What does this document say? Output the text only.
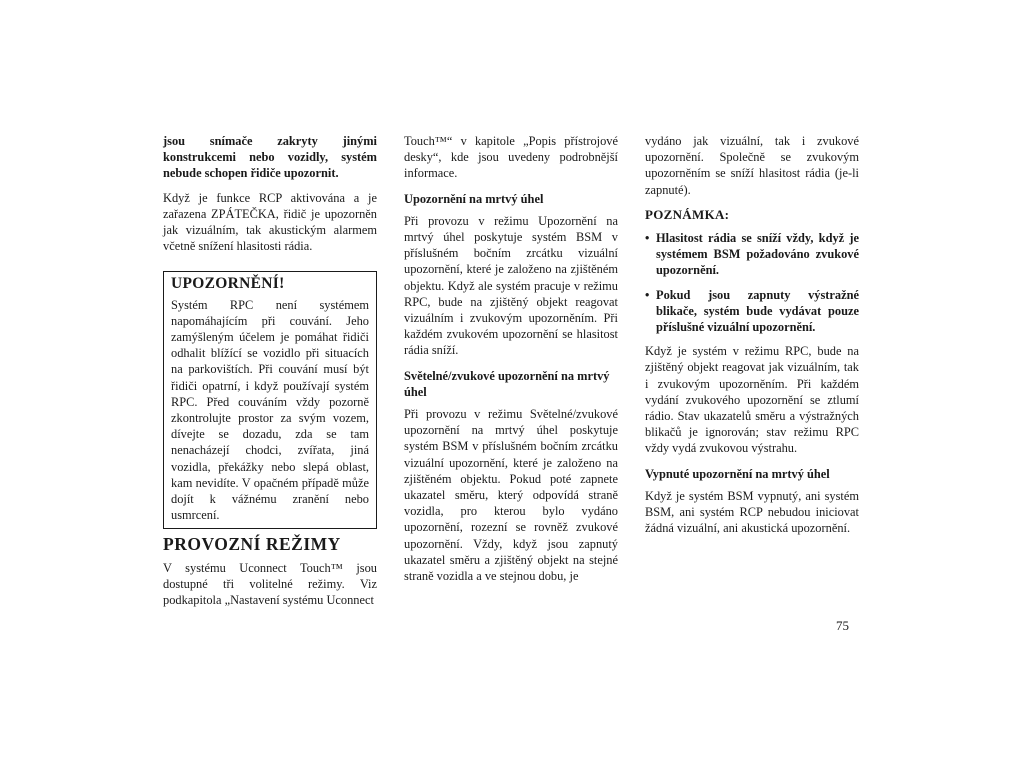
jsou snímače zakryty jinými konstrukcemi nebo vozidly, systém nebude schopen řidiče upozornit.

Když je funkce RCP aktivována a je zařazena ZPÁTEČKA, řidič je upozorněn jak vizuálním, tak akustickým alarmem včetně snížení hlasitosti rádia.

UPOZORNĚNÍ!

Systém RPC není systémem napomáhajícím při couvání. Jeho zamýšleným účelem je pomáhat řidiči odhalit blížící se vozidlo při situacích na parkovištích. Při couvání musí být řidiči opatrní, i když používají systém RPC. Před couváním vždy pozorně zkontrolujte prostor za svým vozem, dívejte se dozadu, zda se tam nenacházejí chodci, zvířata, jiná vozidla, překážky nebo slepá oblast, kam nevidíte. V opačném případě může dojít k vážnému zranění nebo usmrcení.

PROVOZNÍ REŽIMY

V systému Uconnect Touch™ jsou dostupné tři volitelné režimy. Viz podkapitola „Nastavení systému Uconnect

Touch™“ v kapitole „Popis přístrojové desky“, kde jsou uvedeny podrobnější informace.

Upozornění na mrtvý úhel

Při provozu v režimu Upozornění na mrtvý úhel poskytuje systém BSM v příslušném bočním zrcátku vizuální upozornění, které je založeno na zjištěném objektu. Když ale systém pracuje v režimu RPC, bude na zjištěný objekt reagovat vizuálním i zvukovým upozorněním. Při každém zvukovém upozornění se hlasitost rádia sníží.

Světelné/zvukové upozornění na mrtvý úhel

Při provozu v režimu Světelné/zvukové upozornění na mrtvý úhel poskytuje systém BSM v příslušném bočním zrcátku vizuální upozornění, které je založeno na zjištěném objektu. Pokud poté zapnete ukazatel směru, který odpovídá straně vozidla, pro kterou bylo vydáno upozornění, rozezní se rovněž zvukové upozornění. Vždy, když jsou zapnutý ukazatel směru a zjištěný objekt na stejné straně vozidla a ve stejnou dobu, je

vydáno jak vizuální, tak i zvukové upozornění. Společně se zvukovým upozorněním se sníží hlasitost rádia (je-li zapnuté).

POZNÁMKA:

• Hlasitost rádia se sníží vždy, když je systémem BSM požadováno zvukové upozornění.
• Pokud jsou zapnuty výstražné blikače, systém bude vydávat pouze příslušné vizuální upozornění.

Když je systém v režimu RPC, bude na zjištěný objekt reagovat jak vizuálním, tak i zvukovým upozorněním. Při každém vydání zvukového upozornění se ztlumí rádio. Stav ukazatelů směru a výstražných blikačů je ignorován; stav režimu RPC vždy vydá zvukovou výstrahu.

Vypnuté upozornění na mrtvý úhel

Když je systém BSM vypnutý, ani systém BSM, ani systém RCP nebudou iniciovat žádná vizuální, ani akustická upozornění.

75
